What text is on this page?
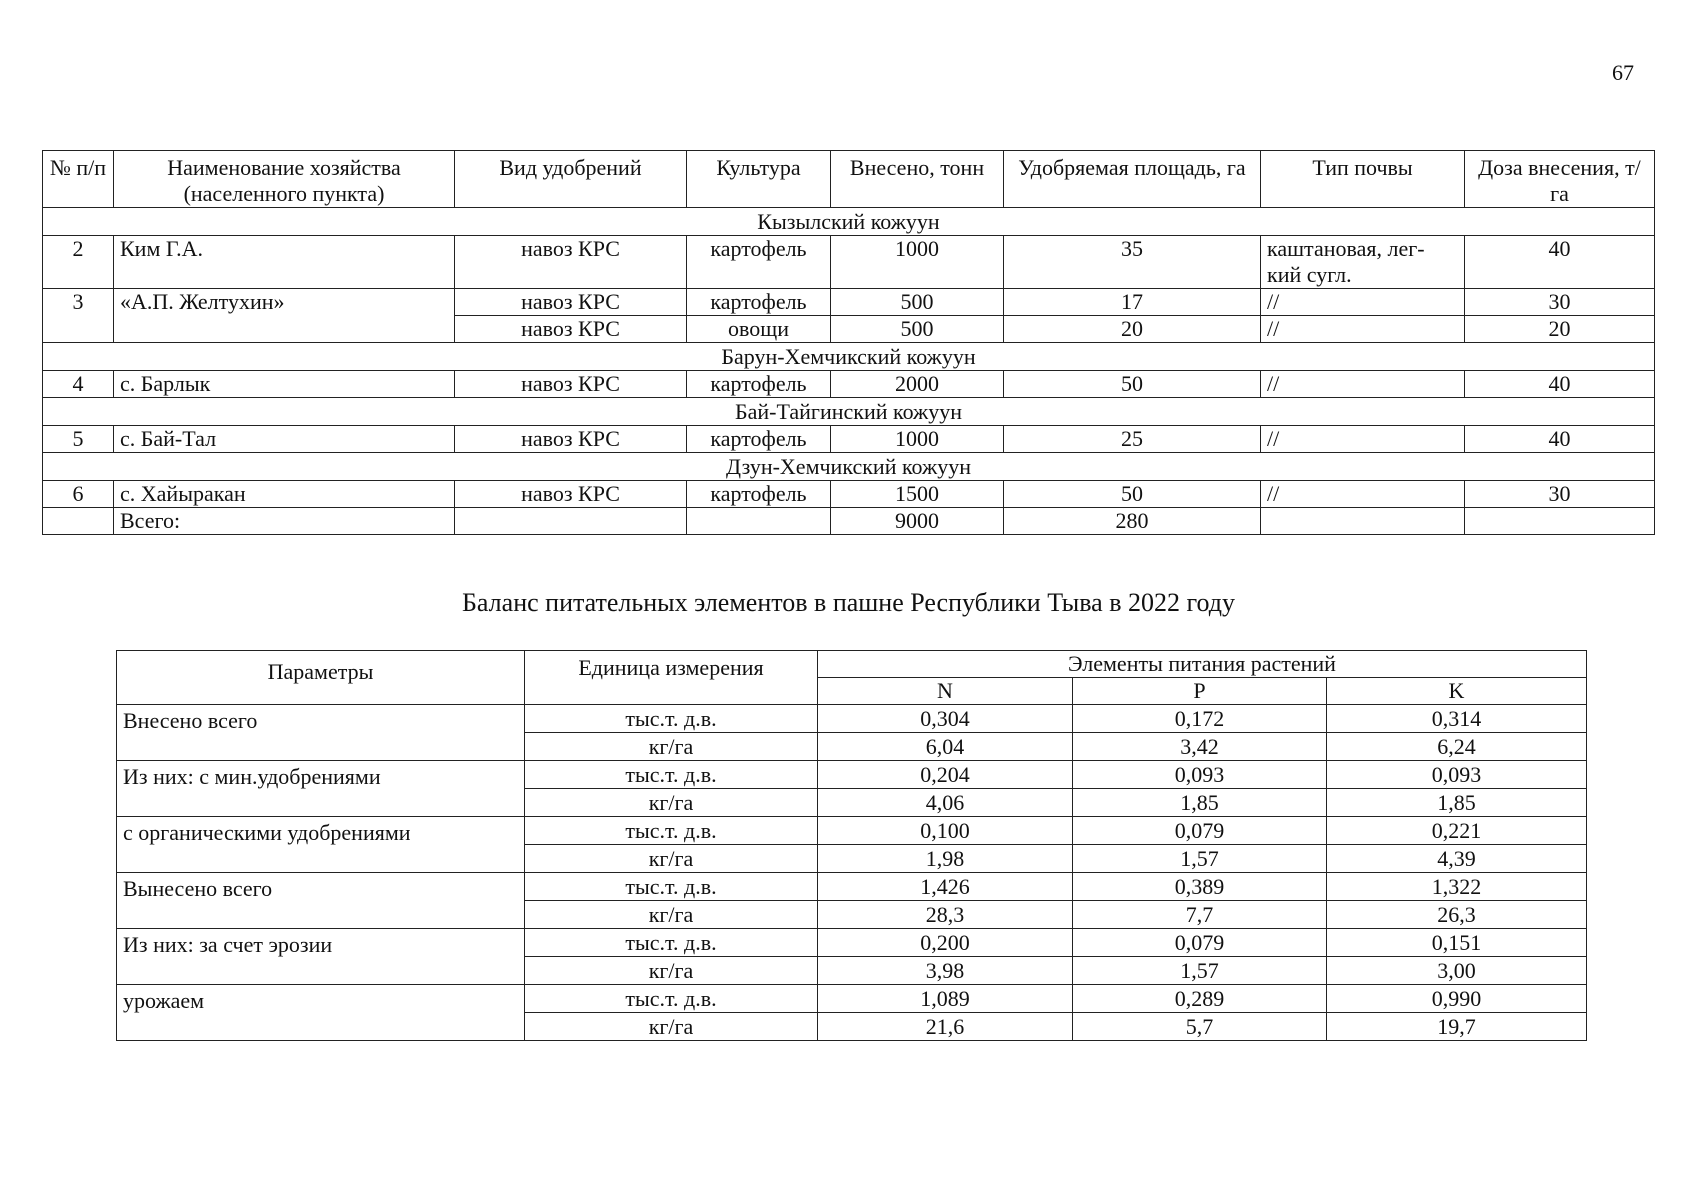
67
№ п/п	Наименование хозяйства (населенного пункта)	Вид удобрений	Культура	Внесено, тонн	Удобряемая площадь, га	Тип почвы	Доза внесения, т/га
Кызылский кожуун							
2	Ким Г.А.	навоз КРС	картофель	1000	35	каштановая, лег-кий сугл.	40
3	«А.П. Желтухин»	навоз КРС	картофель	500	17	//	30
		навоз КРС	овощи	500	20	//	20
Барун-Хемчикский кожуун							
4	с. Барлык	навоз КРС	картофель	2000	50	//	40
Бай-Тайгинский кожуун							
5	с. Бай-Тал	навоз КРС	картофель	1000	25	//	40
Дзун-Хемчикский кожуун							
6	с. Хайыракан	навоз КРС	картофель	1500	50	//	30
	Всего:			9000	280		
Баланс питательных элементов в пашне Республики Тыва в 2022 году
Параметры	Единица измерения	Элементы питания растений		
		N	P	K
Внесено всего	тыс.т. д.в.	0,304	0,172	0,314
	кг/га	6,04	3,42	6,24
Из них: с мин.удобрениями	тыс.т. д.в.	0,204	0,093	0,093
	кг/га	4,06	1,85	1,85
с органическими удобрениями	тыс.т. д.в.	0,100	0,079	0,221
	кг/га	1,98	1,57	4,39
Вынесено всего	тыс.т. д.в.	1,426	0,389	1,322
	кг/га	28,3	7,7	26,3
Из них: за счет эрозии	тыс.т. д.в.	0,200	0,079	0,151
	кг/га	3,98	1,57	3,00
урожаем	тыс.т. д.в.	1,089	0,289	0,990
	кг/га	21,6	5,7	19,7
